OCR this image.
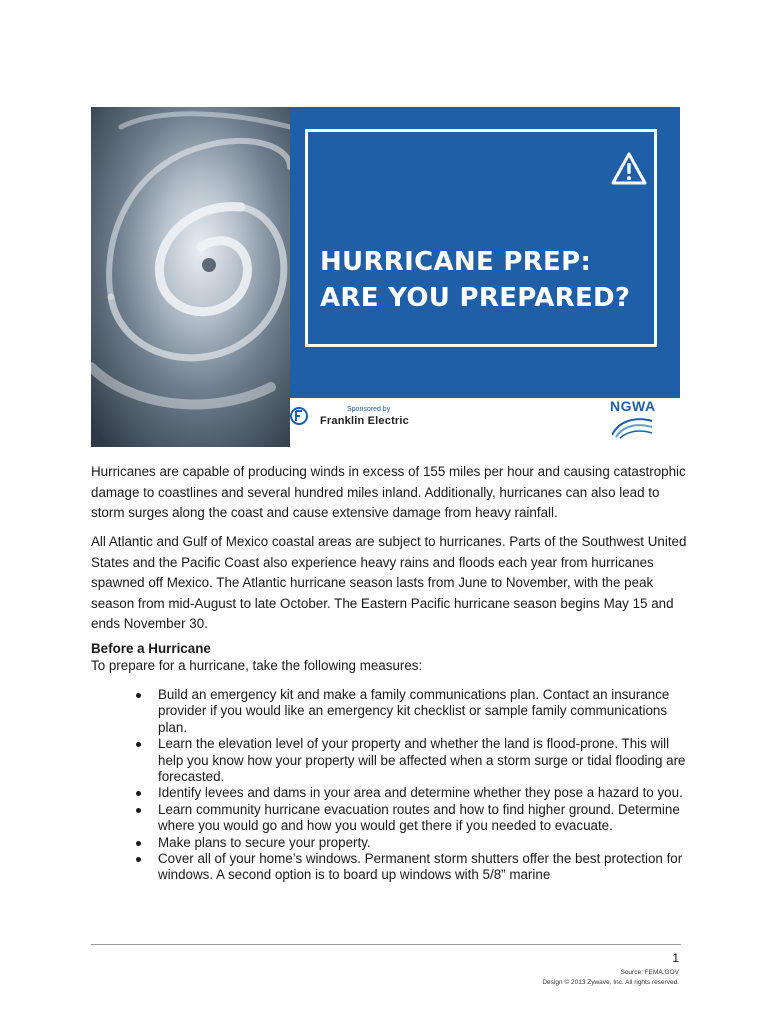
HURRICANE PREP:
ARE YOU PREPARED?
Sponsored by
Franklin Electric
NGWA

Hurricanes are capable of producing winds in excess of 155 miles per hour and causing catastrophic damage to coastlines and several hundred miles inland. Additionally, hurricanes can also lead to storm surges along the coast and cause extensive damage from heavy rainfall.

All Atlantic and Gulf of Mexico coastal areas are subject to hurricanes. Parts of the Southwest United States and the Pacific Coast also experience heavy rains and floods each year from hurricanes spawned off Mexico. The Atlantic hurricane season lasts from June to November, with the peak season from mid-August to late October. The Eastern Pacific hurricane season begins May 15 and ends November 30.

Before a Hurricane

To prepare for a hurricane, take the following measures:

Build an emergency kit and make a family communications plan. Contact an insurance provider if you would like an emergency kit checklist or sample family communications plan.
Learn the elevation level of your property and whether the land is flood-prone. This will help you know how your property will be affected when a storm surge or tidal flooding are forecasted.
Identify levees and dams in your area and determine whether they pose a hazard to you.
Learn community hurricane evacuation routes and how to find higher ground. Determine where you would go and how you would get there if you needed to evacuate.
Make plans to secure your property.
Cover all of your home’s windows. Permanent storm shutters offer the best protection for windows. A second option is to board up windows with 5/8” marine
1
Source: FEMA.GOV
Design © 2013 Zywave, Inc. All rights reserved.
